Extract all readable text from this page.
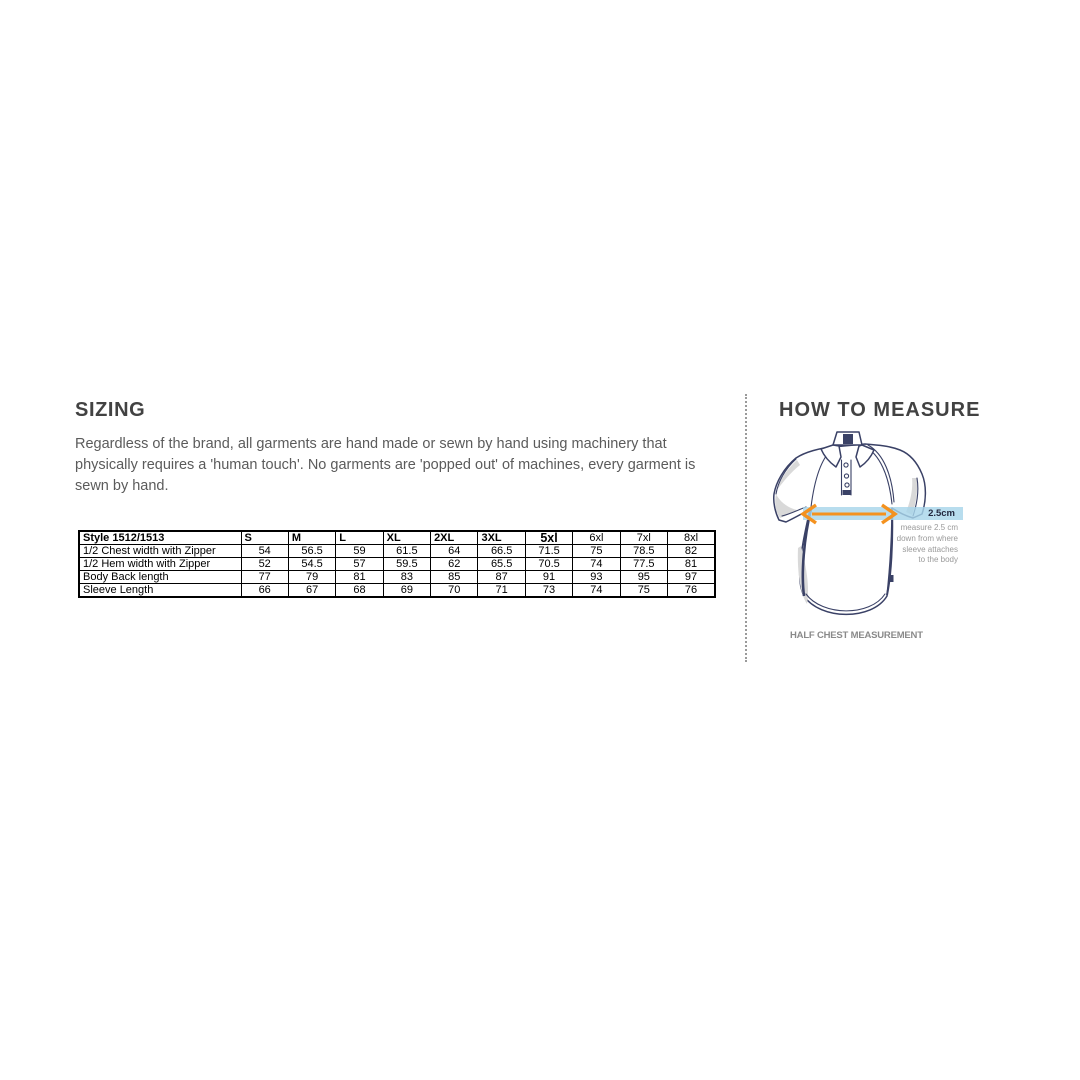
SIZING

Regardless of the brand, all garments are hand made or sewn by hand using machinery that physically requires a 'human touch'. No garments are 'popped out' of machines, every garment is sewn by hand.

Style 1512/1513	S	M	L	XL	2XL	3XL	5xl	6xl	7xl	8xl
1/2 Chest width with Zipper	54	56.5	59	61.5	64	66.5	71.5	75	78.5	82
1/2 Hem width with Zipper	52	54.5	57	59.5	62	65.5	70.5	74	77.5	81
Body Back length	77	79	81	83	85	87	91	93	95	97
Sleeve Length	66	67	68	69	70	71	73	74	75	76
HOW TO MEASURE
2.5cm
measure 2.5 cm
down from where
sleeve attaches
to the body
HALF CHEST MEASUREMENT
